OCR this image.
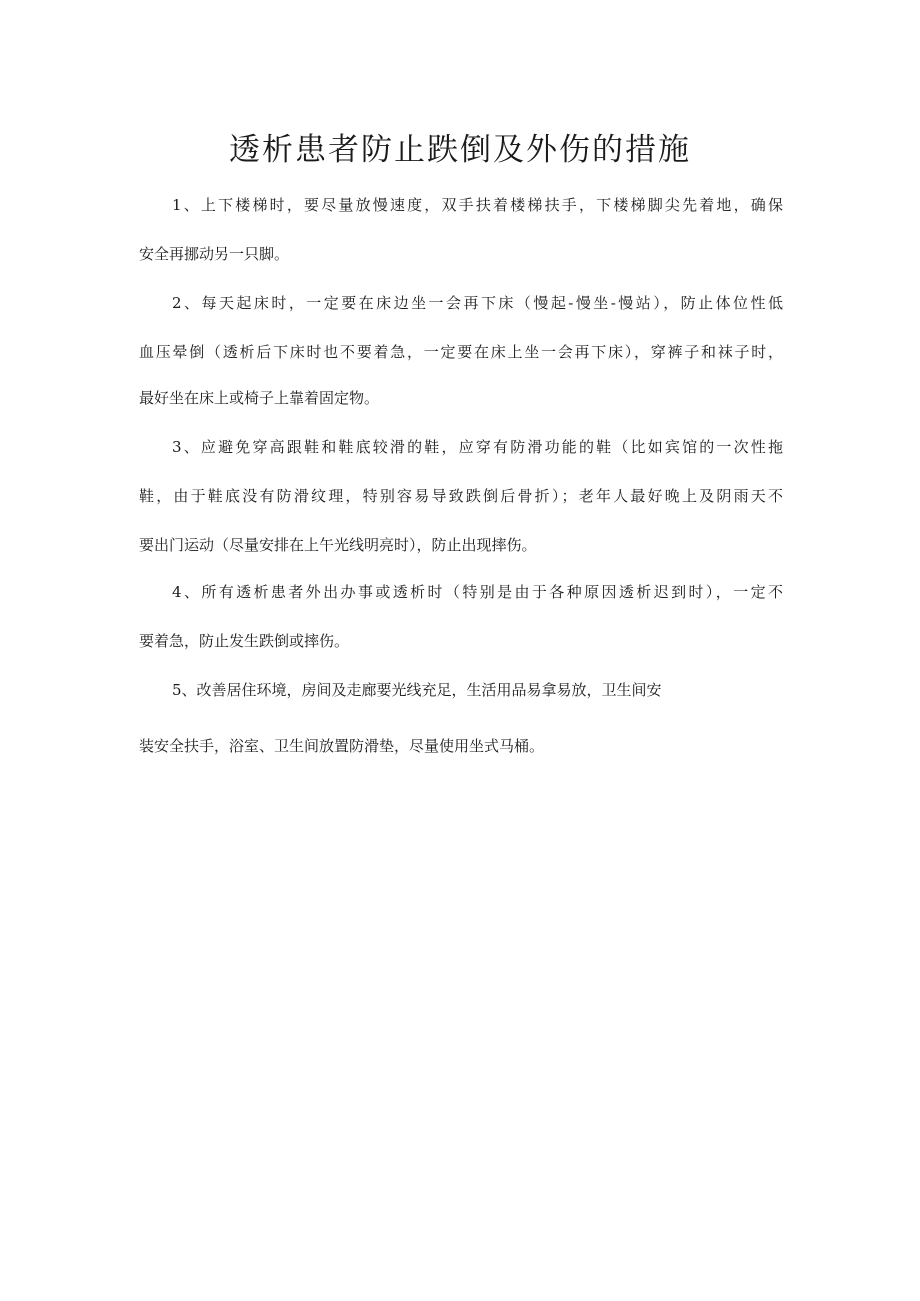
透析患者防止跌倒及外伤的措施
1、上下楼梯时，要尽量放慢速度，双手扶着楼梯扶手，下楼梯脚尖先着地，确保
安全再挪动另一只脚。
2、每天起床时，一定要在床边坐一会再下床（慢起-慢坐-慢站），防止体位性低
血压晕倒（透析后下床时也不要着急，一定要在床上坐一会再下床），穿裤子和袜子时，
最好坐在床上或椅子上靠着固定物。
3、应避免穿高跟鞋和鞋底较滑的鞋，应穿有防滑功能的鞋（比如宾馆的一次性拖
鞋，由于鞋底没有防滑纹理，特别容易导致跌倒后骨折）；老年人最好晚上及阴雨天不
要出门运动（尽量安排在上午光线明亮时），防止出现摔伤。
4、所有透析患者外出办事或透析时（特别是由于各种原因透析迟到时），一定不
要着急，防止发生跌倒或摔伤。
5、改善居住环境，房间及走廊要光线充足，生活用品易拿易放，卫生间安
装安全扶手，浴室、卫生间放置防滑垫，尽量使用坐式马桶。
